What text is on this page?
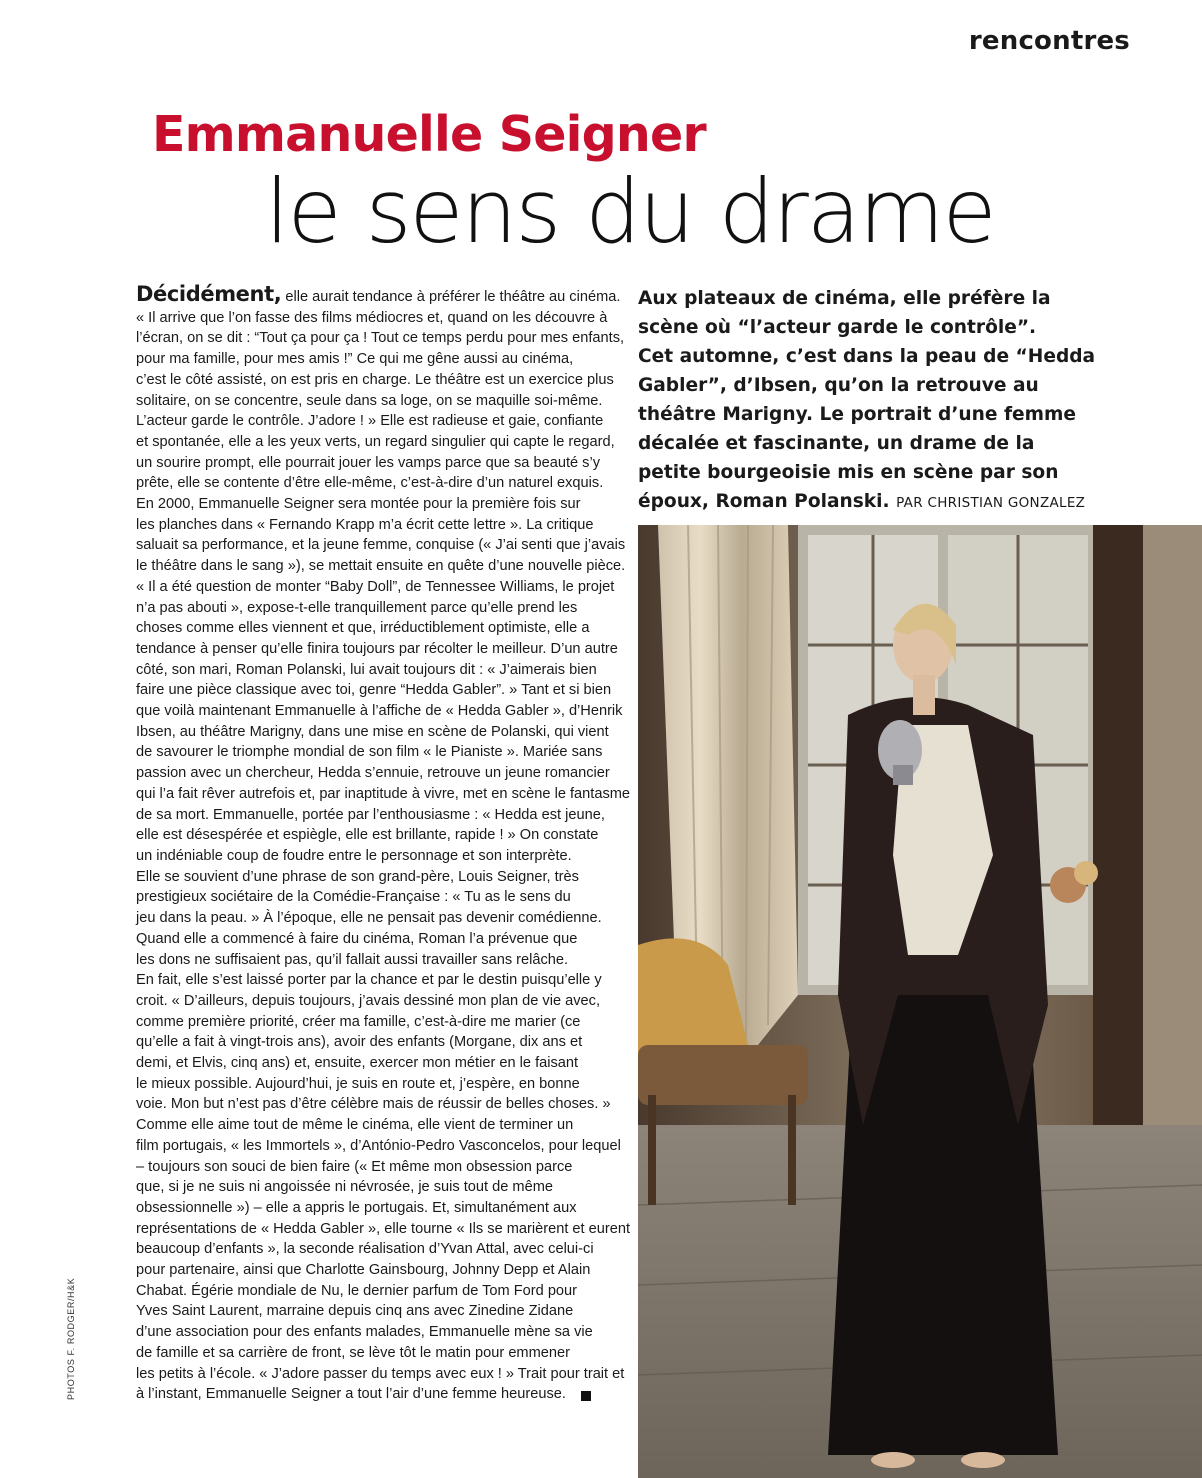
rencontres
Emmanuelle Seigner
le sens du drame
Décidément, elle aurait tendance à préférer le théâtre au cinéma.
« Il arrive que l’on fasse des films médiocres et, quand on les découvre à
l’écran, on se dit : “Tout ça pour ça ! Tout ce temps perdu pour mes enfants,
pour ma famille, pour mes amis !” Ce qui me gêne aussi au cinéma,
c’est le côté assisté, on est pris en charge. Le théâtre est un exercice plus
solitaire, on se concentre, seule dans sa loge, on se maquille soi-même.
L’acteur garde le contrôle. J’adore ! » Elle est radieuse et gaie, confiante
et spontanée, elle a les yeux verts, un regard singulier qui capte le regard,
un sourire prompt, elle pourrait jouer les vamps parce que sa beauté s’y
prête, elle se contente d’être elle-même, c’est-à-dire d’un naturel exquis.
En 2000, Emmanuelle Seigner sera montée pour la première fois sur
les planches dans « Fernando Krapp m’a écrit cette lettre ». La critique
saluait sa performance, et la jeune femme, conquise (« J’ai senti que j’avais
le théâtre dans le sang »), se mettait ensuite en quête d’une nouvelle pièce.
« Il a été question de monter “Baby Doll”, de Tennessee Williams, le projet
n’a pas abouti », expose-t-elle tranquillement parce qu’elle prend les
choses comme elles viennent et que, irréductiblement optimiste, elle a
tendance à penser qu’elle finira toujours par récolter le meilleur. D’un autre
côté, son mari, Roman Polanski, lui avait toujours dit : « J’aimerais bien
faire une pièce classique avec toi, genre “Hedda Gabler”. » Tant et si bien
que voilà maintenant Emmanuelle à l’affiche de « Hedda Gabler », d’Henrik
Ibsen, au théâtre Marigny, dans une mise en scène de Polanski, qui vient
de savourer le triomphe mondial de son film « le Pianiste ». Mariée sans
passion avec un chercheur, Hedda s’ennuie, retrouve un jeune romancier
qui l’a fait rêver autrefois et, par inaptitude à vivre, met en scène le fantasme
de sa mort. Emmanuelle, portée par l’enthousiasme : « Hedda est jeune,
elle est désespérée et espiègle, elle est brillante, rapide ! » On constate
un indéniable coup de foudre entre le personnage et son interprète.
Elle se souvient d’une phrase de son grand-père, Louis Seigner, très
prestigieux sociétaire de la Comédie-Française : « Tu as le sens du
jeu dans la peau. » À l’époque, elle ne pensait pas devenir comédienne.
Quand elle a commencé à faire du cinéma, Roman l’a prévenue que
les dons ne suffisaient pas, qu’il fallait aussi travailler sans relâche.
En fait, elle s’est laissé porter par la chance et par le destin puisqu’elle y
croit. « D’ailleurs, depuis toujours, j’avais dessiné mon plan de vie avec,
comme première priorité, créer ma famille, c’est-à-dire me marier (ce
qu’elle a fait à vingt-trois ans), avoir des enfants (Morgane, dix ans et
demi, et Elvis, cinq ans) et, ensuite, exercer mon métier en le faisant
le mieux possible. Aujourd’hui, je suis en route et, j’espère, en bonne
voie. Mon but n’est pas d’être célèbre mais de réussir de belles choses. »
Comme elle aime tout de même le cinéma, elle vient de terminer un
film portugais, « les Immortels », d’António-Pedro Vasconcelos, pour lequel
– toujours son souci de bien faire (« Et même mon obsession parce
que, si je ne suis ni angoissée ni névrosée, je suis tout de même
obsessionnelle ») – elle a appris le portugais. Et, simultanément aux
représentations de « Hedda Gabler », elle tourne « Ils se marièrent et eurent
beaucoup d’enfants », la seconde réalisation d’Yvan Attal, avec celui-ci
pour partenaire, ainsi que Charlotte Gainsbourg, Johnny Depp et Alain
Chabat. Égérie mondiale de Nu, le dernier parfum de Tom Ford pour
Yves Saint Laurent, marraine depuis cinq ans avec Zinedine Zidane
d’une association pour des enfants malades, Emmanuelle mène sa vie
de famille et sa carrière de front, se lève tôt le matin pour emmener
les petits à l’école. « J’adore passer du temps avec eux ! » Trait pour trait et
à l’instant, Emmanuelle Seigner a tout l’air d’une femme heureuse.
Aux plateaux de cinéma, elle préfère la
scène où “l’acteur garde le contrôle”.
Cet automne, c’est dans la peau de “Hedda
Gabler”, d’Ibsen, qu’on la retrouve au
théâtre Marigny. Le portrait d’une femme
décalée et fascinante, un drame de la
petite bourgeoisie mis en scène par son
époux, Roman Polanski. PAR CHRISTIAN GONZALEZ
PHOTOS F. RODGER/H&K
